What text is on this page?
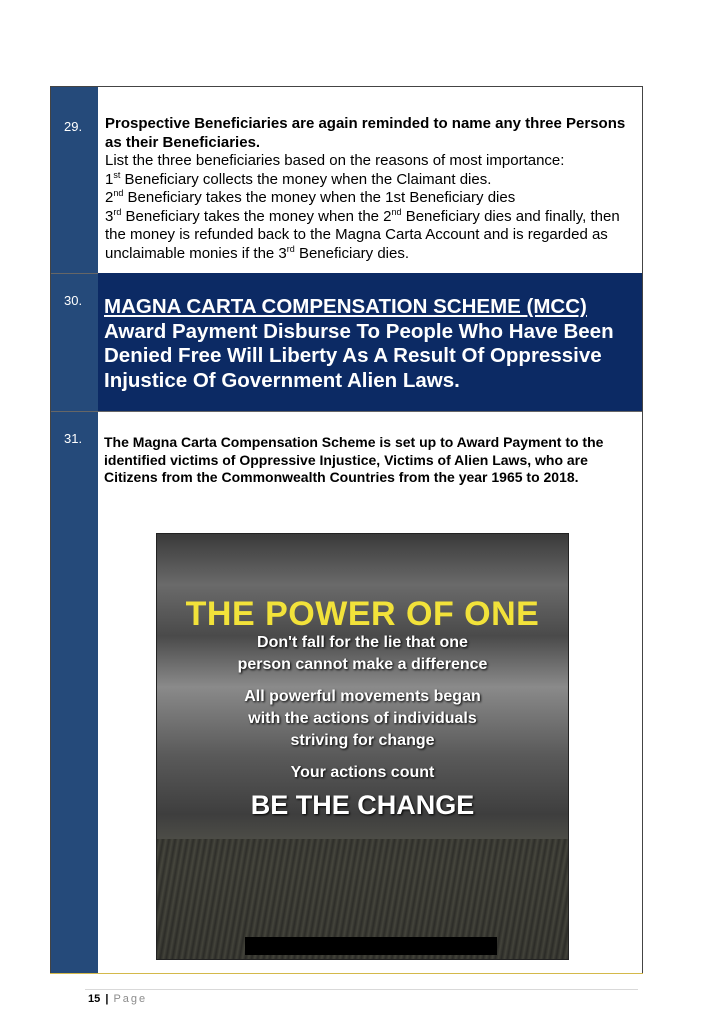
29. Prospective Beneficiaries are again reminded to name any three Persons as their Beneficiaries.
List the three beneficiaries based on the reasons of most importance:
1st Beneficiary collects the money when the Claimant dies.
2nd Beneficiary takes the money when the 1st Beneficiary dies
3rd Beneficiary takes the money when the 2nd Beneficiary dies and finally, then the money is refunded back to the Magna Carta Account and is regarded as unclaimable monies if the 3rd Beneficiary dies.
30. MAGNA CARTA COMPENSATION SCHEME (MCC)
Award Payment Disburse To People Who Have Been Denied Free Will Liberty As A Result Of Oppressive Injustice Of Government Alien Laws.
31. The Magna Carta Compensation Scheme is set up to Award Payment to the identified victims of Oppressive Injustice, Victims of Alien Laws, who are Citizens from the Commonwealth Countries from the year 1965 to 2018.
THE POWER OF ONE
Don't fall for the lie that one
person cannot make a difference
All powerful movements began
with the actions of individuals
striving for change
Your actions count
BE THE CHANGE
15 | Page
